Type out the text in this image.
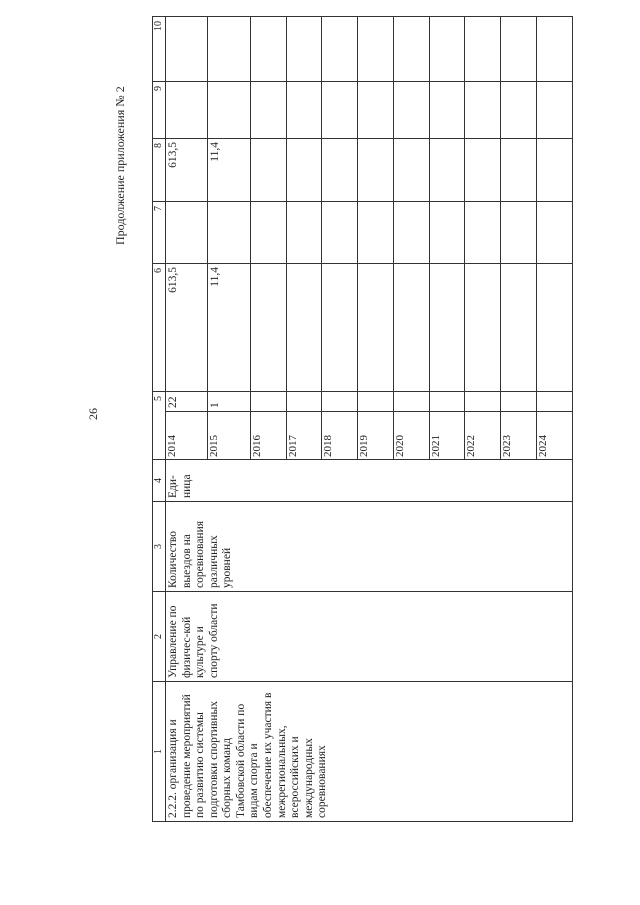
26
Продолжение приложения № 2
1	2	3	4	5		6	7	8	9	10
2.2.2. организация и проведение мероприятий по развитию системы подготовки спортивных сборных команд Тамбовской области по видам спорта и обеспечение их участия в межрегиональных, всероссийских и международных соревнованиях	Управление по физичес-кой культуре и спорту области	Количество выездов на соревнования различных уровней	Еди-ница	2014	22	613,5		613,5		
				2015	1	11,4		11,4		
				2016						
				2017						
				2018						
				2019						
				2020						
				2021						
				2022						
				2023						
				2024						
